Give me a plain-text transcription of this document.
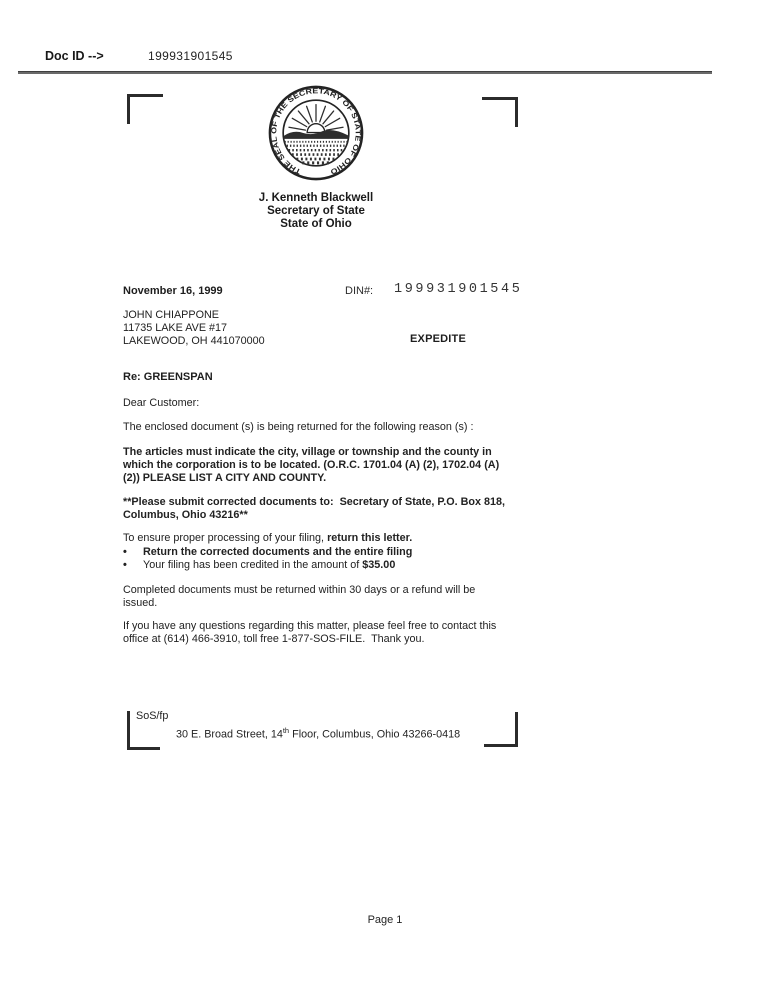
Doc ID -->	199931901545
THE SEAL OF THE SECRETARY OF STATE OF OHIO
J. Kenneth Blackwell
Secretary of State
State of Ohio
November 16, 1999	DIN#: 199931901545
JOHN CHIAPPONE
11735 LAKE AVE #17
LAKEWOOD, OH 441070000	EXPEDITE
Re: GREENSPAN
Dear Customer:
The enclosed document (s) is being returned for the following reason (s) :
The articles must indicate the city, village or township and the county in which the corporation is to be located. (O.R.C. 1701.04 (A) (2), 1702.04 (A) (2)) PLEASE LIST A CITY AND COUNTY.
**Please submit corrected documents to:  Secretary of State, P.O. Box 818, Columbus, Ohio 43216**
To ensure proper processing of your filing, return this letter.
•
Return the corrected documents and the entire filing
•
Your filing has been credited in the amount of $35.00
Completed documents must be returned within 30 days or a refund will be issued.
If you have any questions regarding this matter, please feel free to contact this office at (614) 466-3910, toll free 1-877-SOS-FILE.  Thank you.
SoS/fp
30 E. Broad Street, 14th Floor, Columbus, Ohio 43266-0418
Page 1
